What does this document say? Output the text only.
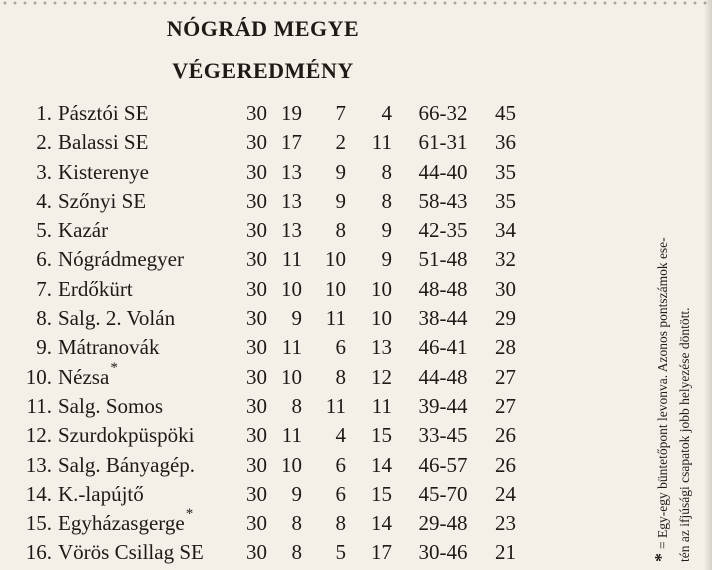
NÓGRÁD MEGYE
VÉGEREDMÉNY
1. Pásztói SE	30 19	7	4	66-32	45
2. Balassi SE	30 17	2	11	61-31	36
3. Kisterenye	30 13	9	8	44-40	35
4. Szőnyi SE	30 13	9	8	58-43	35
5. Kazár	30 13	8	9	42-35	34
6. Nógrádmegyer	30 11	10	9	51-48	32
7. Erdőkürt	30 10	10	10	48-48	30
8. Salg. 2. Volán	30	9	11	10	38-44	29
9. Mátranovák	30 11	6	13	46-41	28
10. Nézsa*	30 10	8	12	44-48	27
11. Salg. Somos	30	8	11	11	39-44	27
12. Szurdokpüspöki	30 11	4	15	33-45	26
13. Salg. Bányagép.	30 10	6	14	46-57	26
14. K.-lapújtő	30	9	6	15	45-70	24
15. Egyházasgerge*	30	8	8	14	29-48	23
16. Vörös Csillag SE	30	8	5	17	30-46	21	*= Egy-egy büntetőpont levonva. Azonos pontszámok ese- tén az ifjúsági csapatok jobb helyezése döntött.
